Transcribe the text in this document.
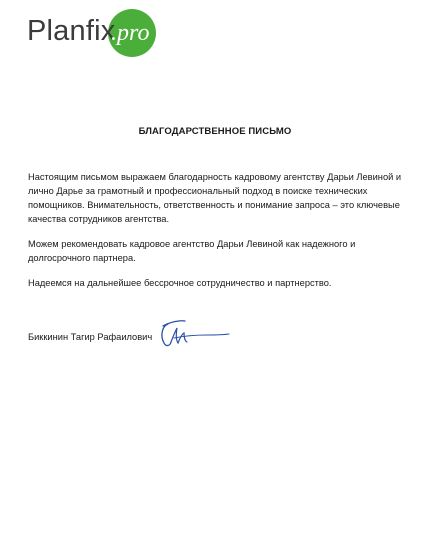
Planfix
.pro
БЛАГОДАРСТВЕННОЕ ПИСЬМО

Настоящим письмом выражаем благодарность кадровому агентству Дарьи Левиной и лично Дарье за грамотный и профессиональный подход в поиске технических помощников. Внимательность, ответственность и понимание запроса – это ключевые качества сотрудников агентства.

Можем рекомендовать кадровое агентство Дарьи Левиной как надежного и долгосрочного партнера.

Надеемся на дальнейшее бессрочное сотрудничество и партнерство.

Биккинин Тагир Рафаилович
